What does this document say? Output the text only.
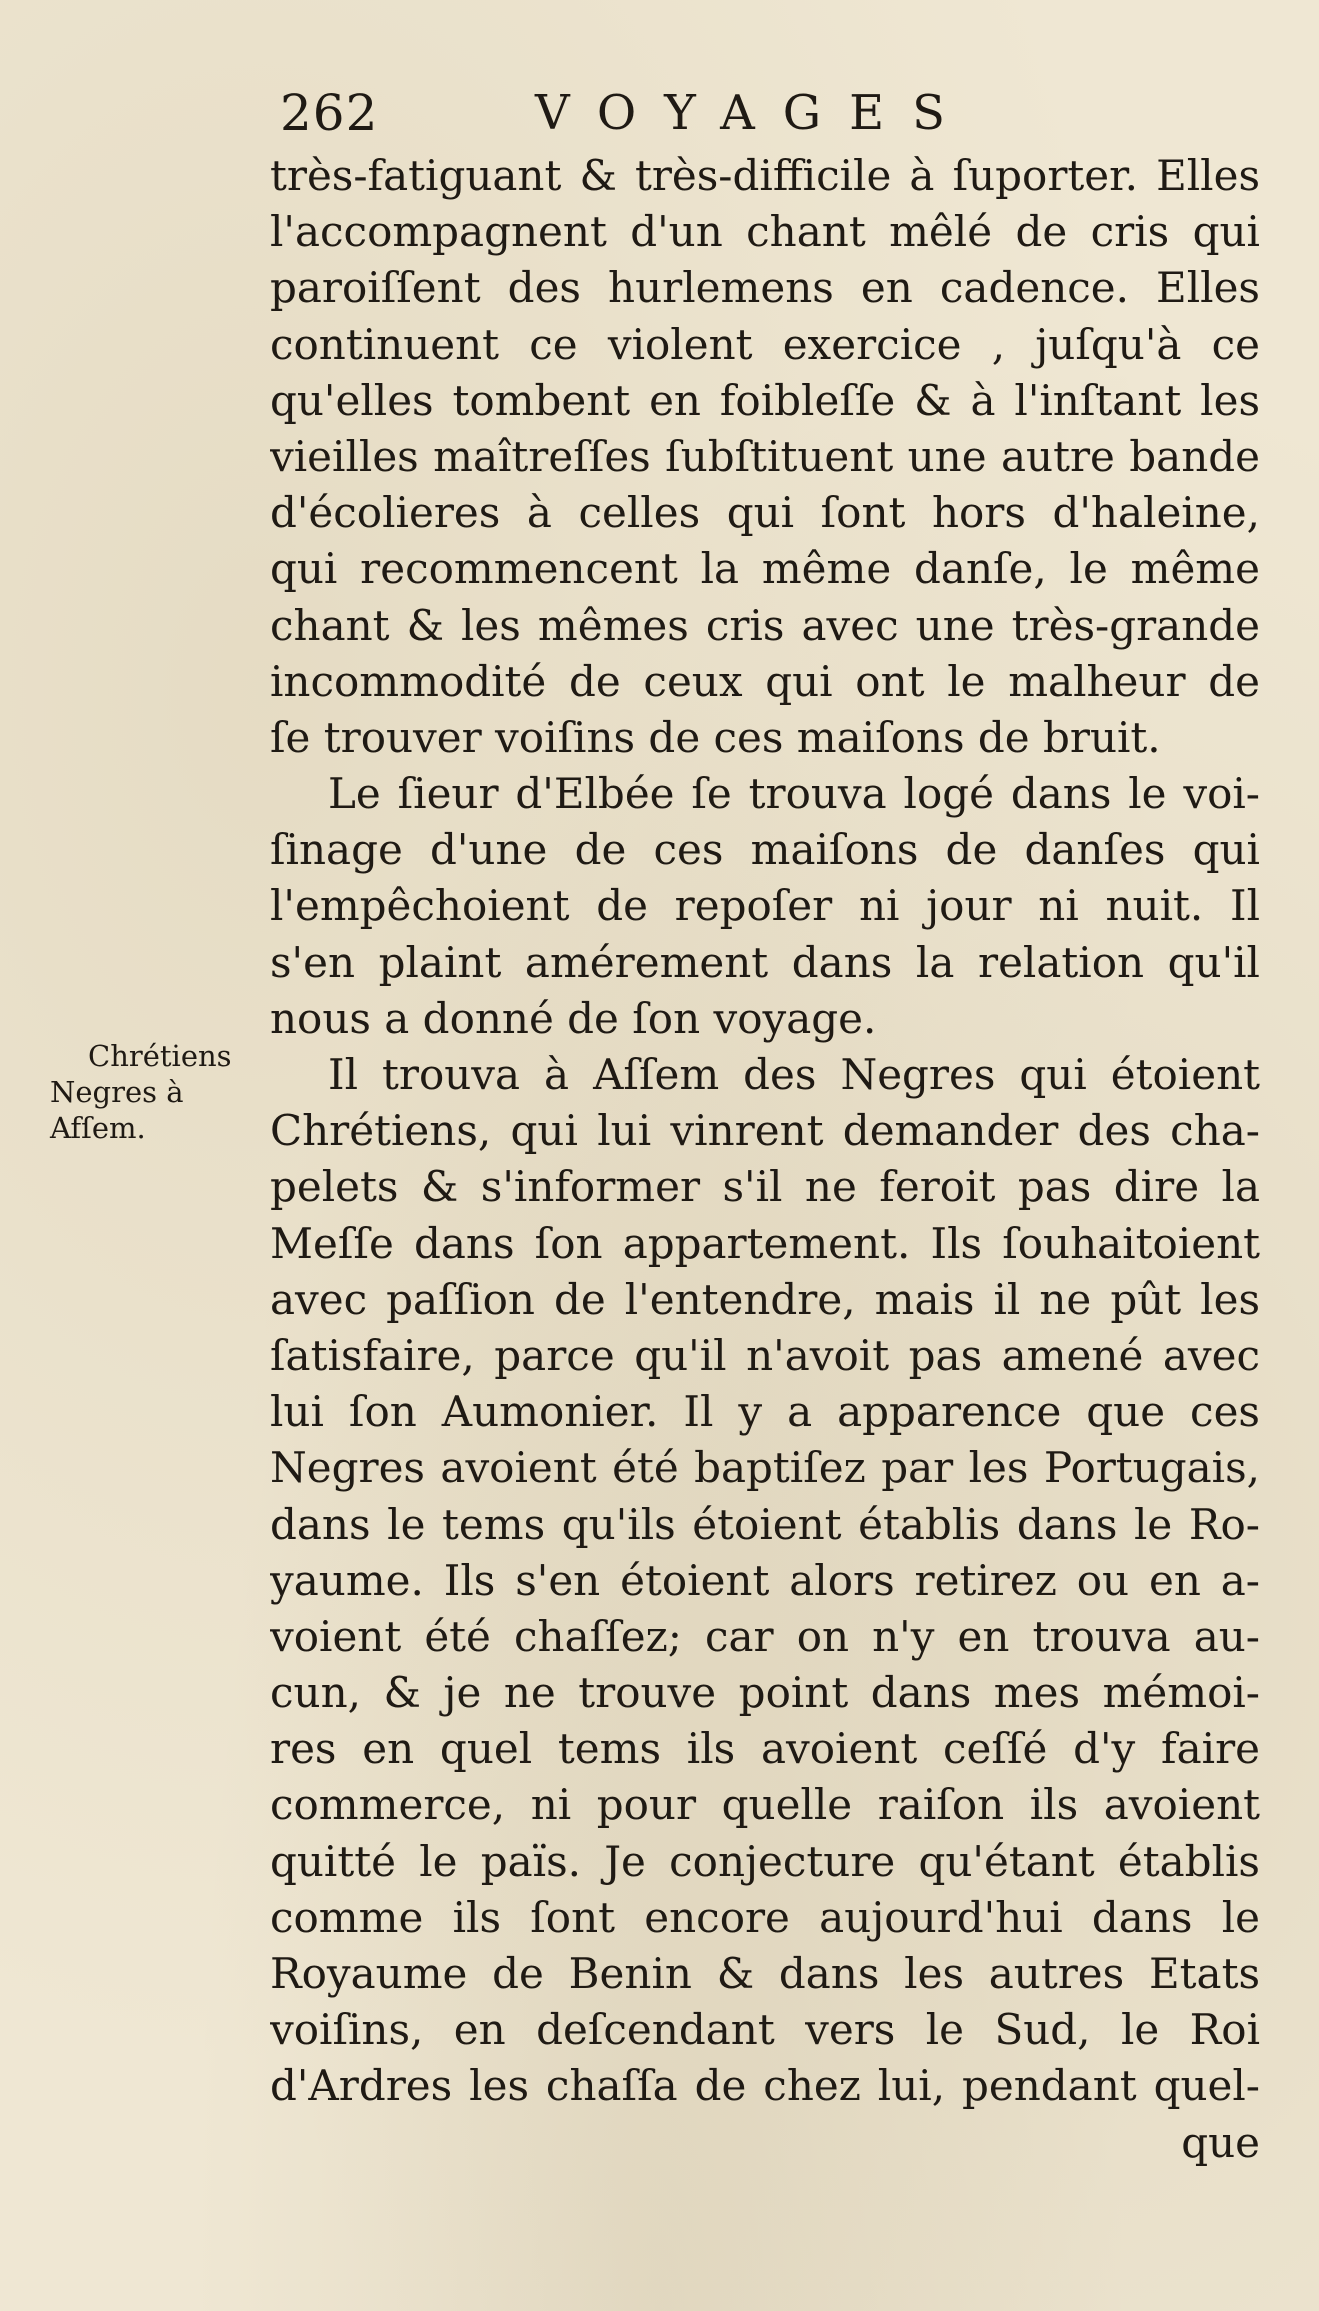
262	VOYAGES
Chrétiens
Negres à
Afſem.
très-fatiguant & très-difficile à ſuporter. Elles
l'accompagnent d'un chant mêlé de cris qui
paroiſſent des hurlemens en cadence. Elles
continuent ce violent exercice , juſqu'à ce
qu'elles tombent en foibleſſe & à l'inſtant les
vieilles maîtreſſes ſubſtituent une autre bande
d'écolieres à celles qui ſont hors d'haleine,
qui recommencent la même danſe, le même
chant & les mêmes cris avec une très-grande
incommodité de ceux qui ont le malheur de
ſe trouver voiſins de ces maiſons de bruit.
Le ſieur d'Elbée ſe trouva logé dans le voi-
ſinage d'une de ces maiſons de danſes qui
l'empêchoient de repoſer ni jour ni nuit. Il
s'en plaint amérement dans la relation qu'il
nous a donné de ſon voyage.
Il trouva à Aſſem des Negres qui étoient
Chrétiens, qui lui vinrent demander des cha-
pelets & s'informer s'il ne feroit pas dire la
Meſſe dans ſon appartement. Ils ſouhaitoient
avec paſſion de l'entendre, mais il ne pût les
ſatisfaire, parce qu'il n'avoit pas amené avec
lui ſon Aumonier. Il y a apparence que ces
Negres avoient été baptiſez par les Portugais,
dans le tems qu'ils étoient établis dans le Ro-
yaume. Ils s'en étoient alors retirez ou en a-
voient été chaſſez; car on n'y en trouva au-
cun, & je ne trouve point dans mes mémoi-
res en quel tems ils avoient ceſſé d'y faire
commerce, ni pour quelle raiſon ils avoient
quitté le païs. Je conjecture qu'étant établis
comme ils ſont encore aujourd'hui dans le
Royaume de Benin & dans les autres Etats
voiſins, en deſcendant vers le Sud, le Roi
d'Ardres les chaſſa de chez lui, pendant quel-
que
